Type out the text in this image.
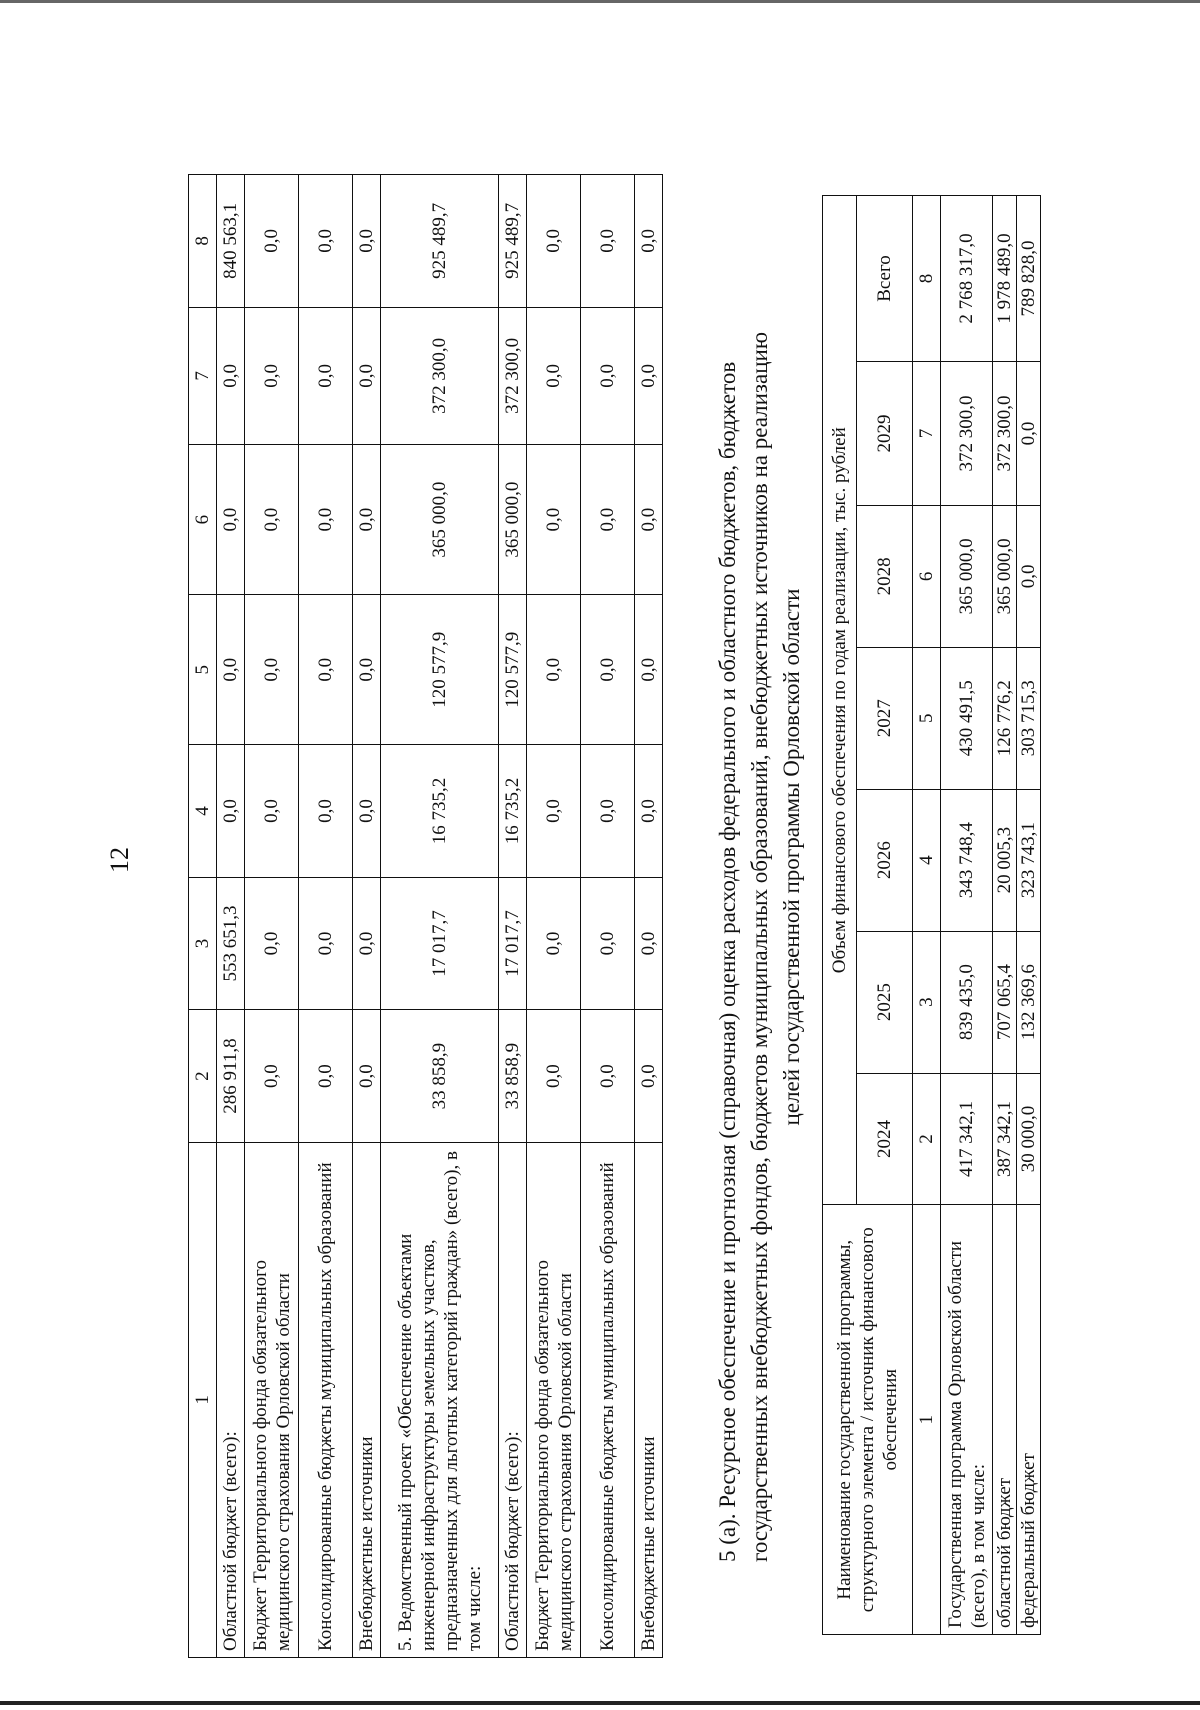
12
1	2	3	4	5	6	7	8
Областной бюджет (всего):	286 911,8	553 651,3	0,0	0,0	0,0	0,0	840 563,1
Бюджет Территориального фонда обязательного медицинского страхования Орловской области	0,0	0,0	0,0	0,0	0,0	0,0	0,0
Консолидированные бюджеты муниципальных образований	0,0	0,0	0,0	0,0	0,0	0,0	0,0
Внебюджетные источники	0,0	0,0	0,0	0,0	0,0	0,0	0,0
5. Ведомственный проект «Обеспечение объектами инженерной инфраструктуры земельных участков, предназначенных для льготных категорий граждан» (всего), в том числе:	33 858,9	17 017,7	16 735,2	120 577,9	365 000,0	372 300,0	925 489,7
Областной бюджет (всего):	33 858,9	17 017,7	16 735,2	120 577,9	365 000,0	372 300,0	925 489,7
Бюджет Территориального фонда обязательного медицинского страхования Орловской области	0,0	0,0	0,0	0,0	0,0	0,0	0,0
Консолидированные бюджеты муниципальных образований	0,0	0,0	0,0	0,0	0,0	0,0	0,0
Внебюджетные источники	0,0	0,0	0,0	0,0	0,0	0,0	0,0
5 (а). Ресурсное обеспечение и прогнозная (справочная) оценка расходов федерального и областного бюджетов, бюджетов государственных внебюджетных фондов, бюджетов муниципальных образований, внебюджетных источников на реализацию целей государственной программы Орловской области
Наименование государственной программы, структурного элемента / источник финансового обеспечения	Объем финансового обеспечения по годам реализации, тыс. рублей						
	2024	2025	2026	2027	2028	2029	Всего
1	2	3	4	5	6	7	8
Государственная программа Орловской области (всего), в том числе:	417 342,1	839 435,0	343 748,4	430 491,5	365 000,0	372 300,0	2 768 317,0
областной бюджет	387 342,1	707 065,4	20 005,3	126 776,2	365 000,0	372 300,0	1 978 489,0
федеральный бюджет	30 000,0	132 369,6	323 743,1	303 715,3	0,0	0,0	789 828,0
